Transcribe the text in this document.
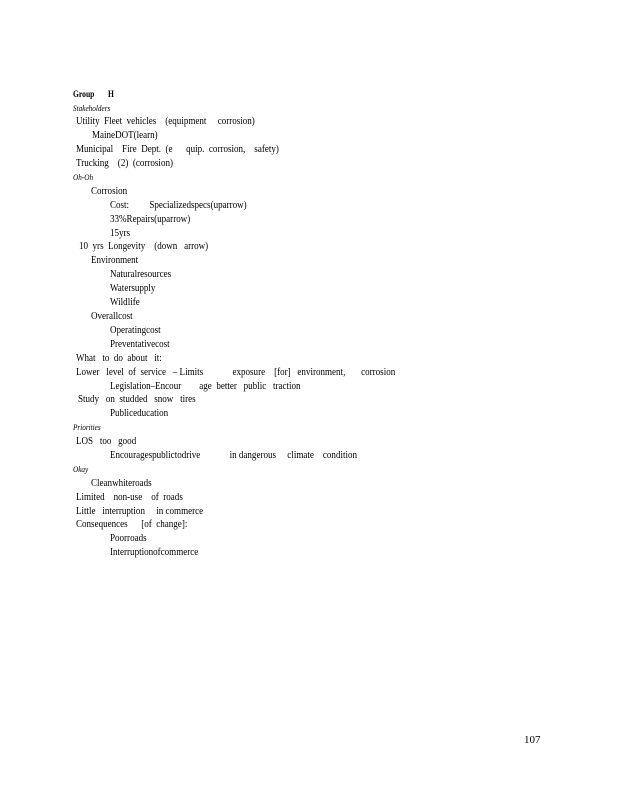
Group H
Stakeholders
Utility  Fleet  vehicles    (equipment     corrosion)
MaineDOT(learn)
Municipal    Fire  Dept.  (e      quip.  corrosion,    safety)
Trucking    (2)  (corrosion)
Oh-Oh
Corrosion
Cost:         Specializedspecs(uparrow)
33%Repairs(uparrow)
15yrs
10  yrs  Longevity    (down   arrow)
Environment
Naturalresources
Watersupply
Wildlife
Overallcost
Operatingcost
Preventativecost
What   to  do  about   it:
Lower   level  of  service   – Limits             exposure    [for]   environment,       corrosion
Legislation–Encour        age  better   public   traction
Study   on  studded   snow   tires
Publiceducation
Priorities
LOS   too   good
Encouragespublictodrive             in dangerous     climate    condition
Okay
Cleanwhiteroads
Limited    non-use    of  roads
Little   interruption     in commerce
Consequences      [of  change]:
Poorroads
Interruptionofcommerce
107
